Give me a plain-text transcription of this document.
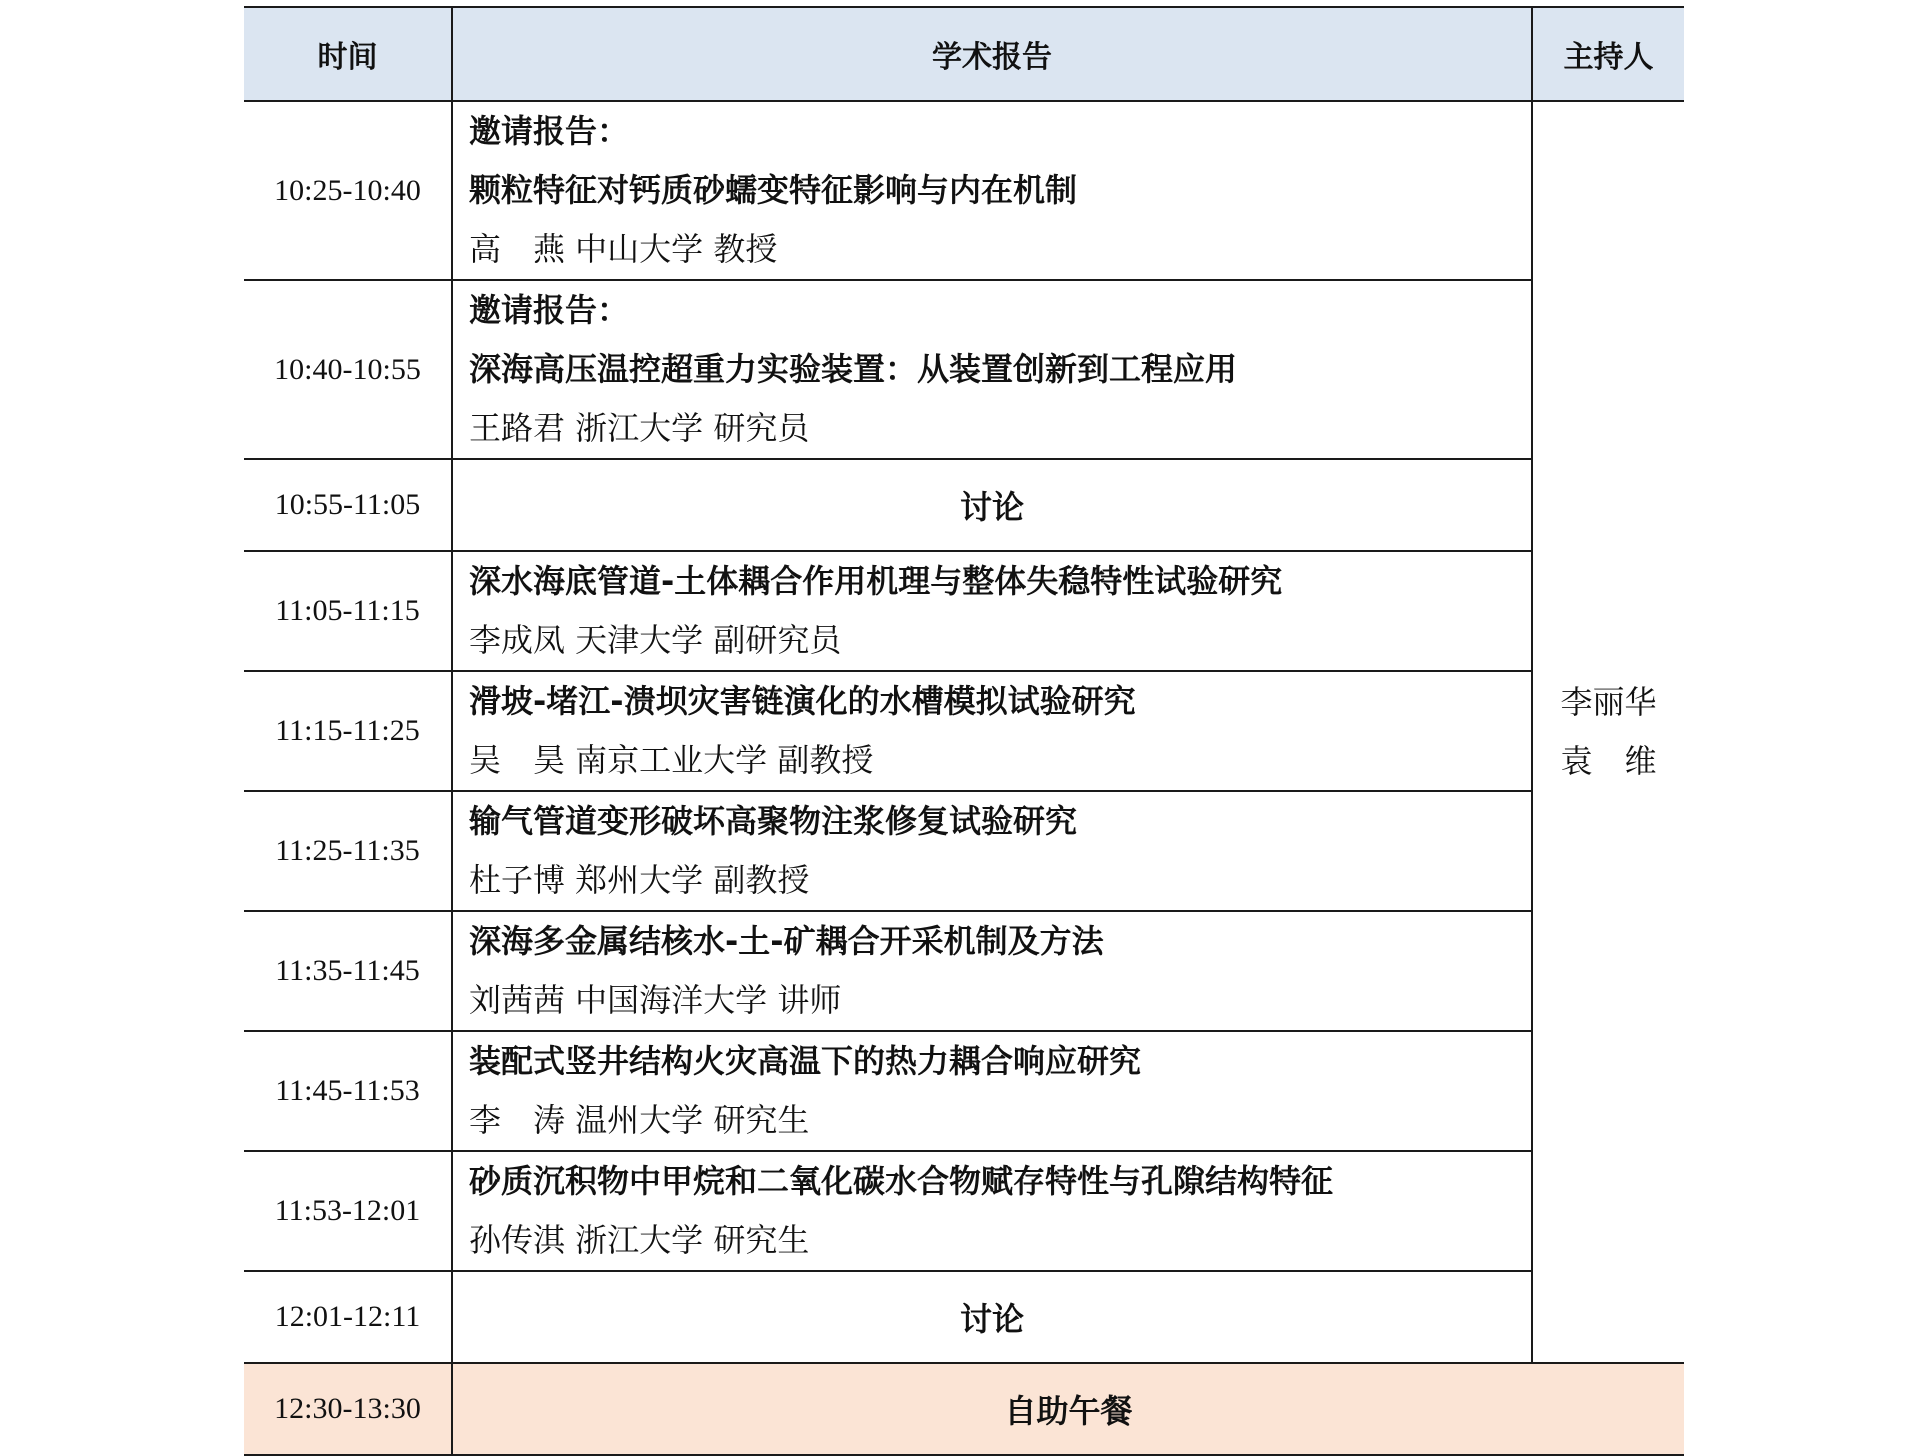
时间	学术报告	主持人
10:25-10:40	邀请报告：
颗粒特征对钙质砂蠕变特征影响与内在机制
高　燕 中山大学 教授	李丽华
袁　维

10:40-10:55	邀请报告：
深海高压温控超重力实验装置：从装置创新到工程应用
王路君 浙江大学 研究员	

10:55-11:05	讨论	
11:05-11:15	深水海底管道-土体耦合作用机理与整体失稳特性试验研究
李成凤 天津大学 副研究员	

11:15-11:25	滑坡-堵江-溃坝灾害链演化的水槽模拟试验研究
吴　昊 南京工业大学 副教授	

11:25-11:35	输气管道变形破坏高聚物注浆修复试验研究
杜子博 郑州大学 副教授	

11:35-11:45	深海多金属结核水-土-矿耦合开采机制及方法
刘茜茜 中国海洋大学 讲师	

11:45-11:53	装配式竖井结构火灾高温下的热力耦合响应研究
李　涛 温州大学 研究生	

11:53-12:01	砂质沉积物中甲烷和二氧化碳水合物赋存特性与孔隙结构特征
孙传淇 浙江大学 研究生	

12:01-12:11	讨论	
12:30-13:30	自助午餐	
